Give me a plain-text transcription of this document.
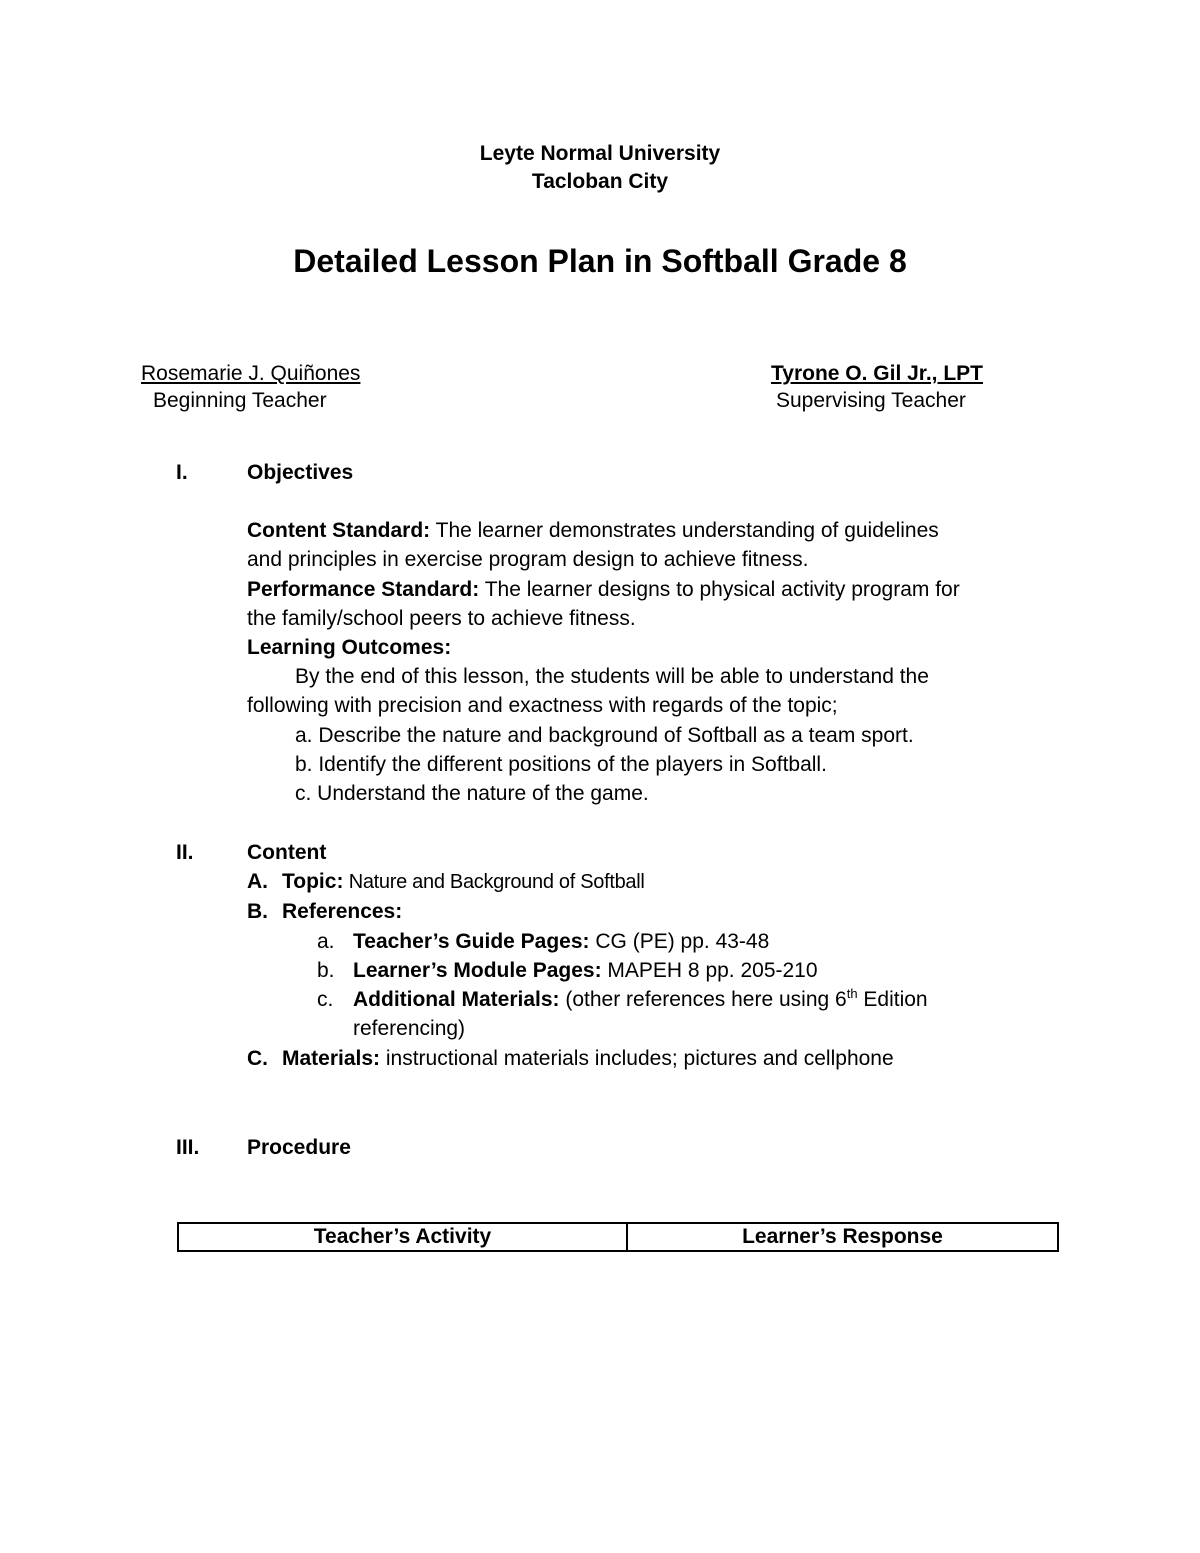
Leyte Normal University
Tacloban City
Detailed Lesson Plan in Softball Grade 8
Rosemarie J. Quiñones
Beginning Teacher
Tyrone O. Gil Jr., LPT
Supervising Teacher
I.	Objectives
Content Standard: The learner demonstrates understanding of guidelines
and principles in exercise program design to achieve fitness.
Performance Standard: The learner designs to physical activity program for
the family/school peers to achieve fitness.
Learning Outcomes:
By the end of this lesson, the students will be able to understand the
following with precision and exactness with regards of the topic;
a. Describe the nature and background of Softball as a team sport.
b. Identify the different positions of the players in Softball.
c. Understand the nature of the game.
II.	Content
A. Topic: Nature and Background of Softball
B. References:
a. Teacher’s Guide Pages: CG (PE) pp. 43-48
b. Learner’s Module Pages: MAPEH 8 pp. 205-210
c. Additional Materials: (other references here using 6th Edition
referencing)
C. Materials: instructional materials includes; pictures and cellphone
III. Procedure
Teacher’s Activity	Learner’s Response
